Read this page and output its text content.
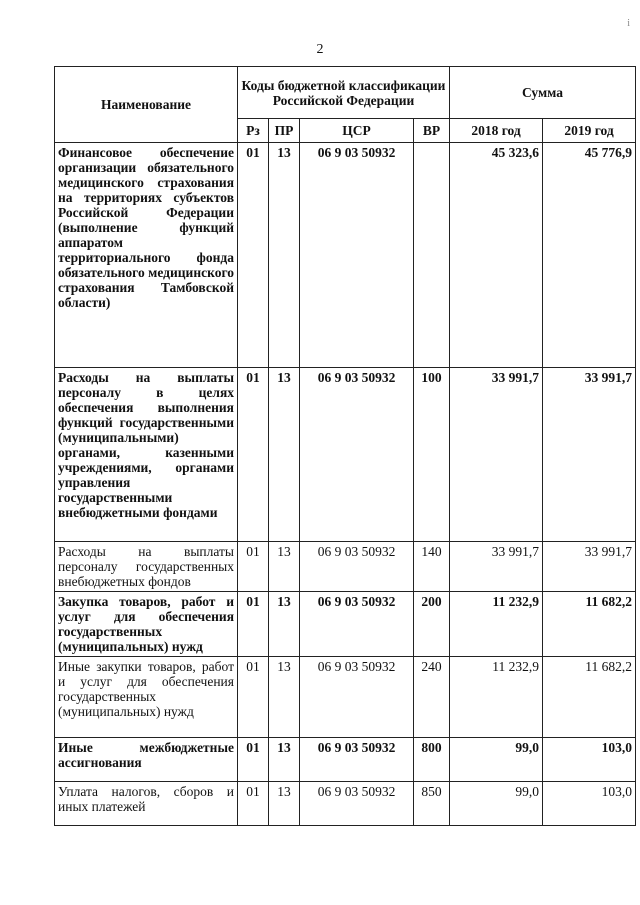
2
i
Наименование	Коды бюджетной классификации Российской Федерации				Сумма	
	Рз	ПР	ЦСР	ВР	2018 год	2019 год
Финансовое обеспечение организации обязательного медицинского страхования на территориях субъектов Российской Федерации (выполнение функций аппаратом территориального фонда обязательного медицинского страхования Тамбовской области)	01	13	06 9 03 50932		45 323,6	45 776,9
Расходы на выплаты персоналу в целях обеспечения выполнения функций государственными (муниципальными) органами, казенными учреждениями, органами управления государственными внебюджетными фондами	01	13	06 9 03 50932	100	33 991,7	33 991,7
Расходы на выплаты персоналу государственных внебюджетных фондов	01	13	06 9 03 50932	140	33 991,7	33 991,7
Закупка товаров, работ и услуг для обеспечения государственных (муниципальных) нужд	01	13	06 9 03 50932	200	11 232,9	11 682,2
Иные закупки товаров, работ и услуг для обеспечения государственных (муниципальных) нужд	01	13	06 9 03 50932	240	11 232,9	11 682,2
Иные межбюджетные ассигнования	01	13	06 9 03 50932	800	99,0	103,0
Уплата налогов, сборов и иных платежей	01	13	06 9 03 50932	850	99,0	103,0
